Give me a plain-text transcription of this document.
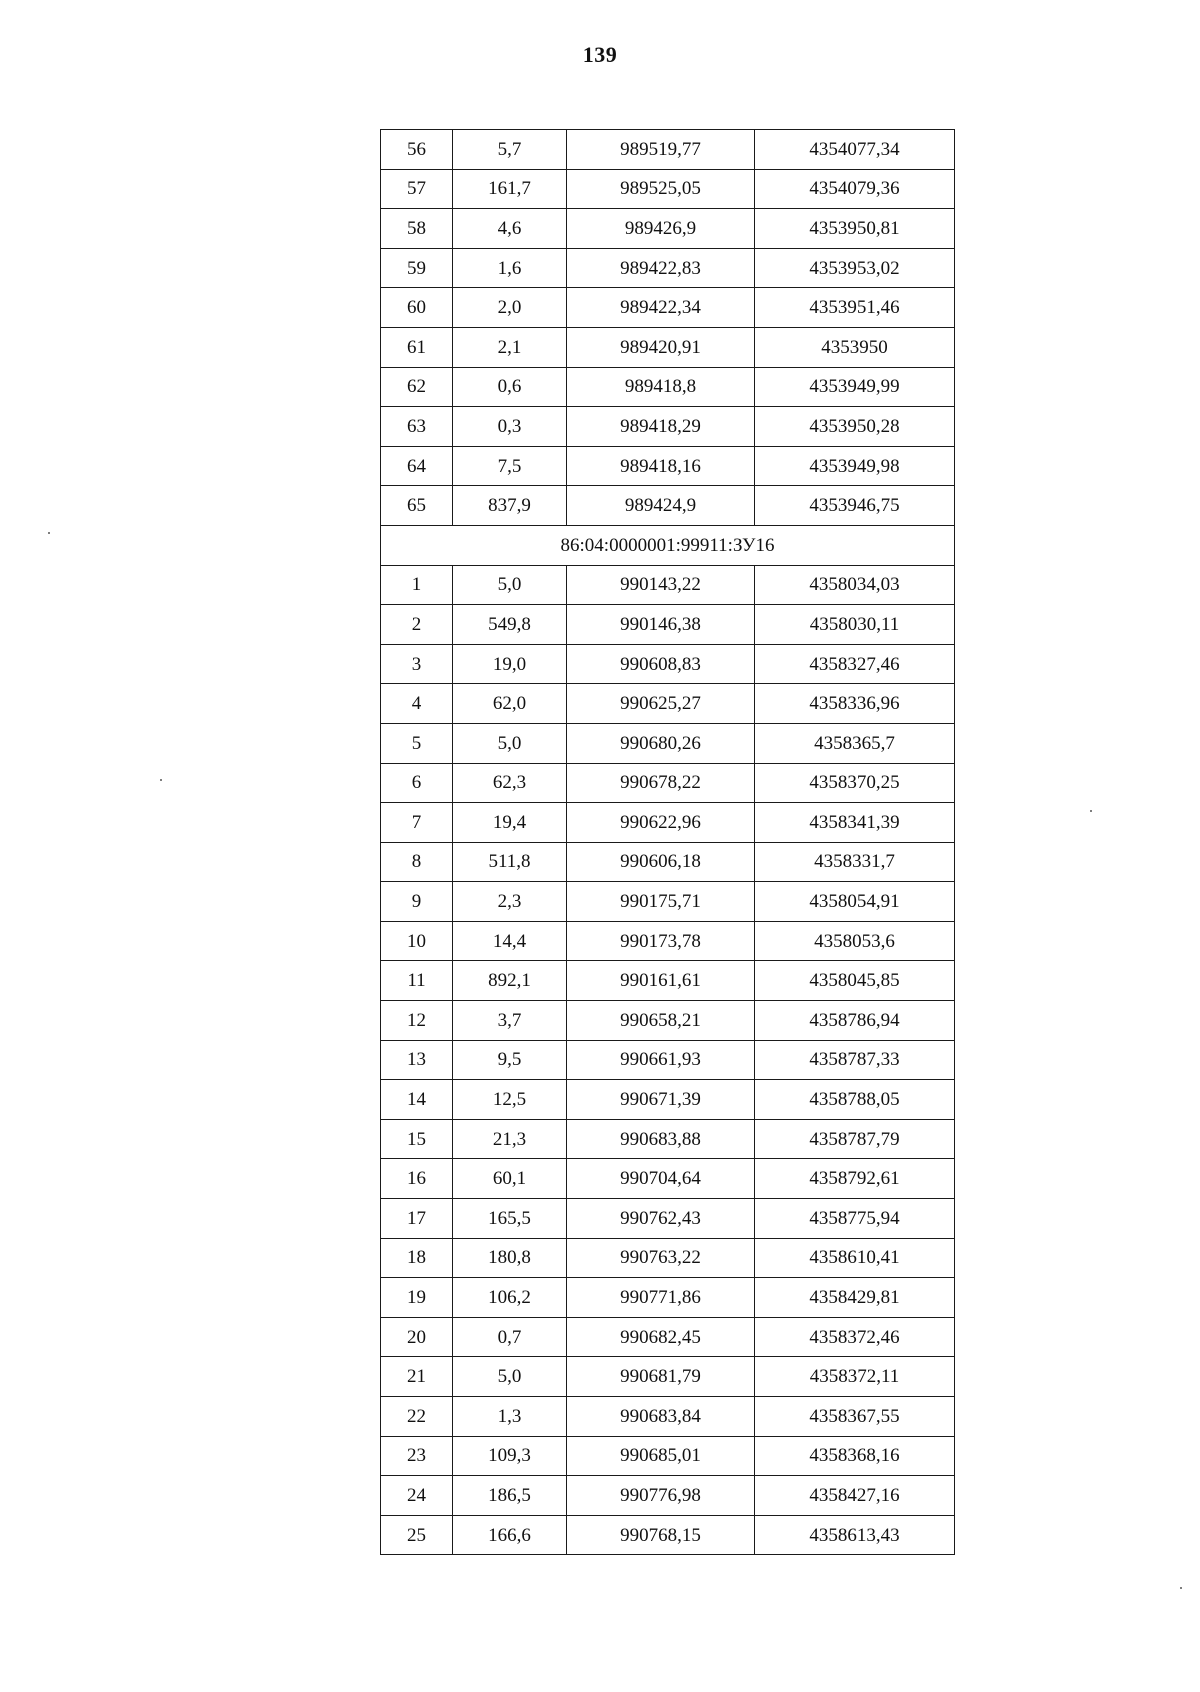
139
56	5,7	989519,77	4354077,34
57	161,7	989525,05	4354079,36
58	4,6	989426,9	4353950,81
59	1,6	989422,83	4353953,02
60	2,0	989422,34	4353951,46
61	2,1	989420,91	4353950
62	0,6	989418,8	4353949,99
63	0,3	989418,29	4353950,28
64	7,5	989418,16	4353949,98
65	837,9	989424,9	4353946,75
86:04:0000001:99911:ЗУ16			
1	5,0	990143,22	4358034,03
2	549,8	990146,38	4358030,11
3	19,0	990608,83	4358327,46
4	62,0	990625,27	4358336,96
5	5,0	990680,26	4358365,7
6	62,3	990678,22	4358370,25
7	19,4	990622,96	4358341,39
8	511,8	990606,18	4358331,7
9	2,3	990175,71	4358054,91
10	14,4	990173,78	4358053,6
11	892,1	990161,61	4358045,85
12	3,7	990658,21	4358786,94
13	9,5	990661,93	4358787,33
14	12,5	990671,39	4358788,05
15	21,3	990683,88	4358787,79
16	60,1	990704,64	4358792,61
17	165,5	990762,43	4358775,94
18	180,8	990763,22	4358610,41
19	106,2	990771,86	4358429,81
20	0,7	990682,45	4358372,46
21	5,0	990681,79	4358372,11
22	1,3	990683,84	4358367,55
23	109,3	990685,01	4358368,16
24	186,5	990776,98	4358427,16
25	166,6	990768,15	4358613,43
